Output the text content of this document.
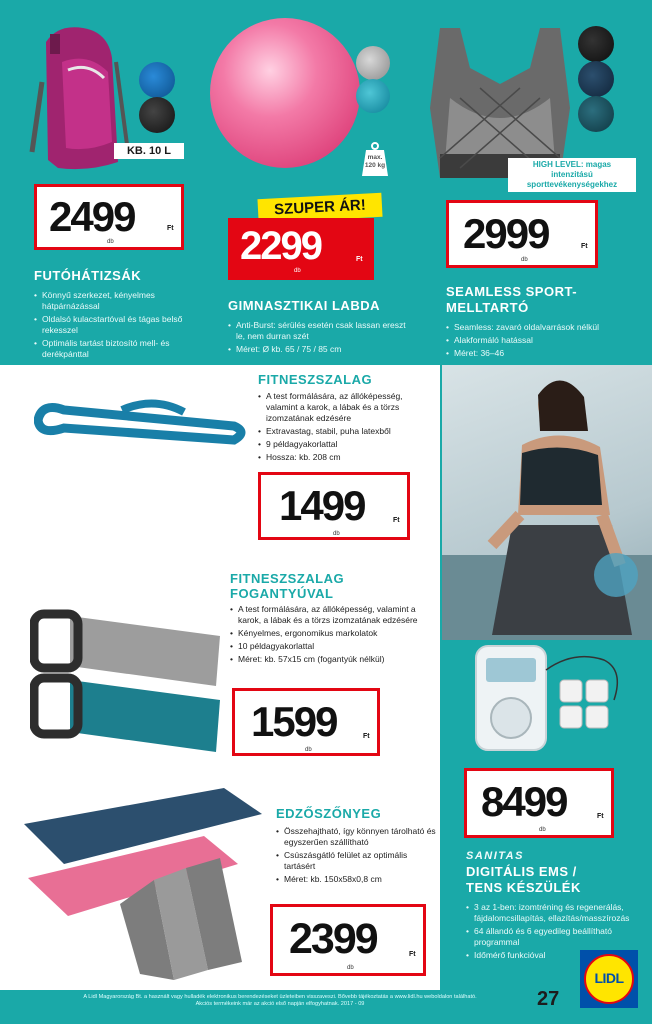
KB. 10 L
2499	Ft
db
FUTÓHÁTIZSÁK
• Könnyű szerkezet, kényelmes hátpárnázással
• Oldalsó kulacstartóval és tágas belső rekesszel
• Optimális tartást biztosító mell- és derékpánttal
max. 120 kg
SZUPER ÁR!
2299	Ft
db
GIMNASZTIKAI LABDA
• Anti-Burst: sérülés esetén csak lassan ereszt le, nem durran szét
• Méret: Ø kb. 65 / 75 / 85 cm
HIGH LEVEL: magas intenzitású sporttevékenységekhez
2999	Ft
db
SEAMLESS SPORT-
MELLTARTÓ
• Seamless: zavaró oldalvarrások nélkül
• Alakformáló hatással
• Méret: 36–46
FITNESZSZALAG
• A test formálására, az állóképesség, valamint a karok, a lábak és a törzs izomzatának edzésére
• Extravastag, stabil, puha latexből
• 9 példagyakorlattal
• Hossza: kb. 208 cm
1499	Ft
db
FITNESZSZALAG
FOGANTYÚVAL
• A test formálására, az állóképesség, valamint a karok, a lábak és a törzs izomzatának edzésére
• Kényelmes, ergonomikus markolatok
• 10 példagyakorlattal
• Méret: kb. 57x15 cm (fogantyúk nélkül)
1599	Ft
db
8499	Ft
db
SANITAS
DIGITÁLIS EMS /
TENS KÉSZÜLÉK
• 3 az 1-ben: izomtréning és regenerálás, fájdalomcsillapítás, ellazítás/masszírozás
• 64 állandó és 6 egyedileg beállítható programmal
• Időmérő funkcióval
EDZŐSZŐNYEG
• Összehajtható, így könnyen tárolható és egyszerűen szállítható
• Csúszásgátló felület az optimális tartásért
• Méret: kb. 150x58x0,8 cm
2399	Ft
db
A Lidl Magyarország Bt. a használt vagy hulladék elektronikus berendezéseket üzleteiben visszaveszi. Bővebb tájékoztatás a www.lidl.hu weboldalon található.
Akciós termékeink már az akció első napján elfogyhatnak. 2017 - 09	27
LIDL
